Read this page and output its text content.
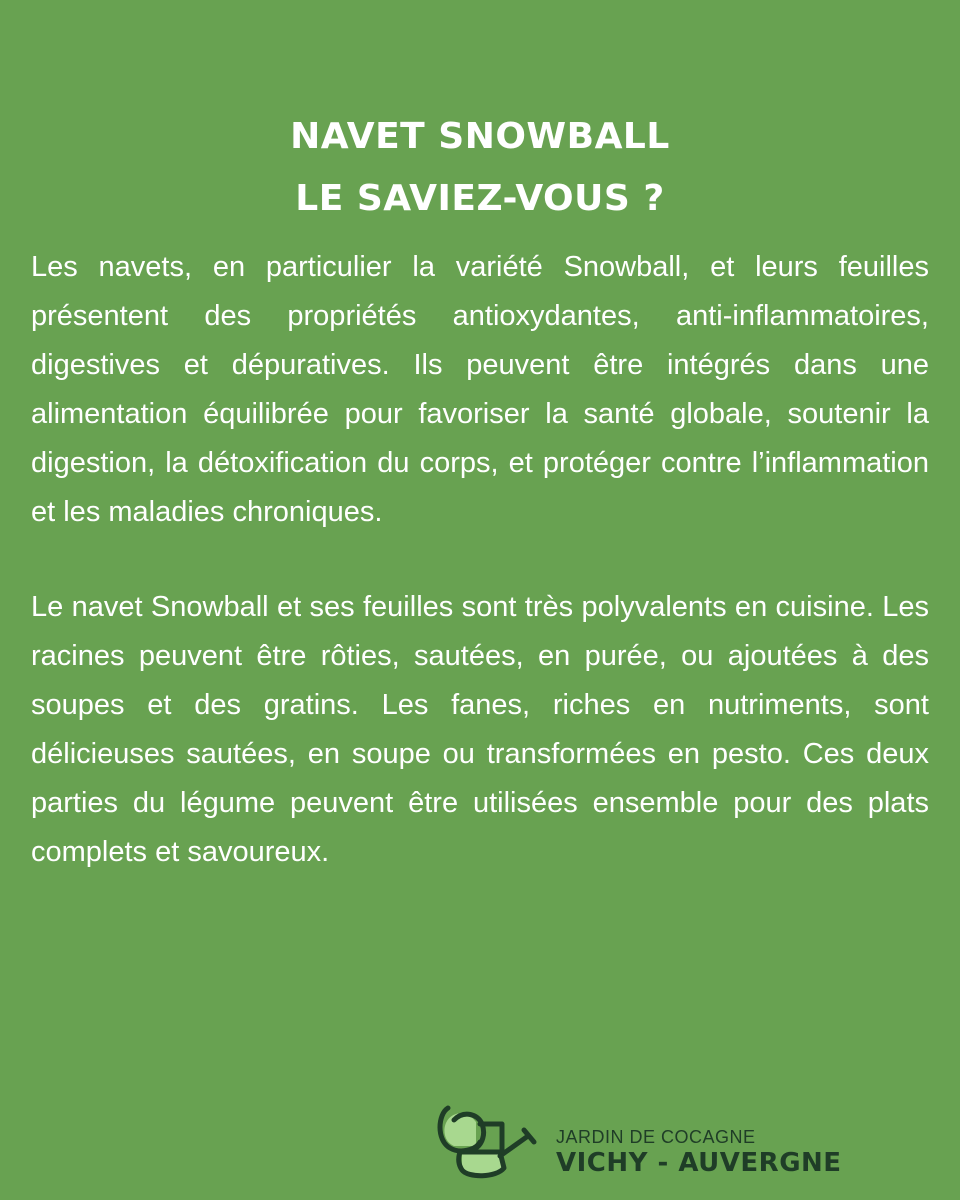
NAVET SNOWBALL
LE SAVIEZ-VOUS ?

Les navets, en particulier la variété Snowball, et leurs feuilles présentent des propriétés antioxydantes, anti-inflammatoires, digestives et dépuratives. Ils peuvent être intégrés dans une alimentation équilibrée pour favoriser la santé globale, soutenir la digestion, la détoxification du corps, et protéger contre l’inflammation et les maladies chroniques.

Le navet Snowball et ses feuilles sont très polyvalents en cuisine. Les racines peuvent être rôties, sautées, en purée, ou ajoutées à des soupes et des gratins. Les fanes, riches en nutriments, sont délicieuses sautées, en soupe ou transformées en pesto. Ces deux parties du légume peuvent être utilisées ensemble pour des plats complets et savoureux.

JARDIN DE COCAGNE
VICHY - AUVERGNE
